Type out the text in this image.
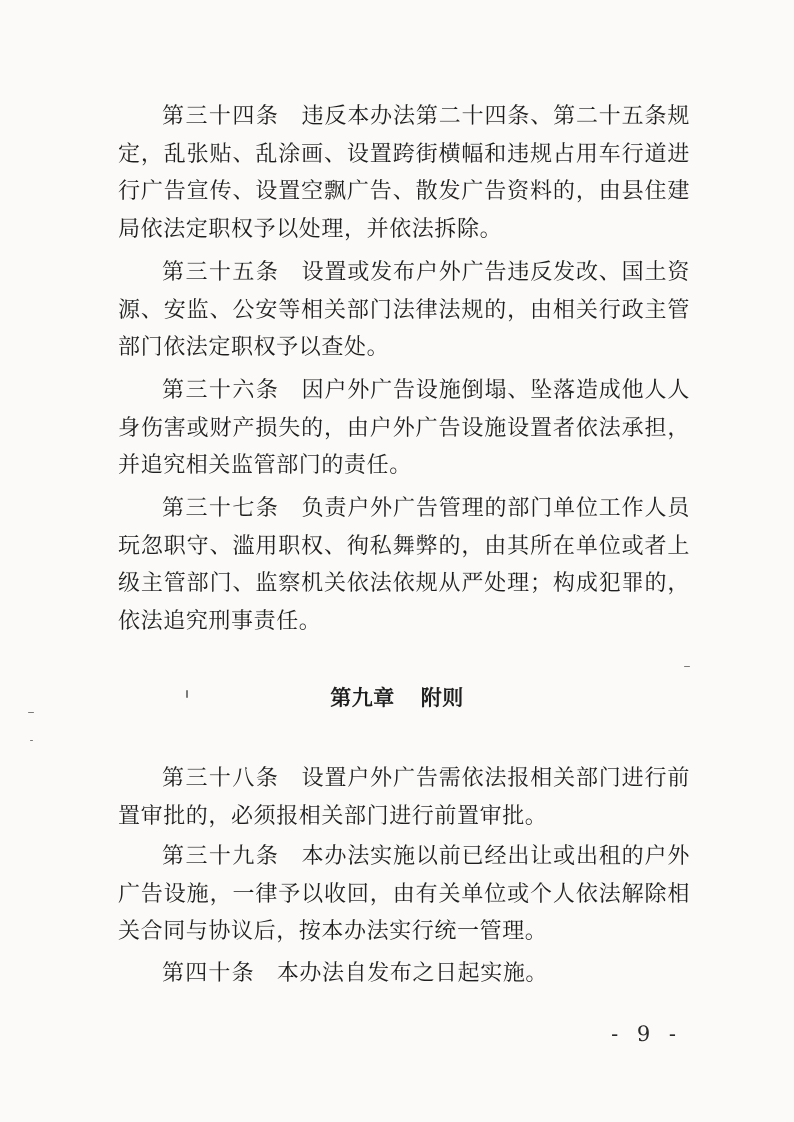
第三十四条 违反本办法第二十四条、第二十五条规定，乱张贴、乱涂画、设置跨街横幅和违规占用车行道进行广告宣传、设置空飘广告、散发广告资料的，由县住建局依法定职权予以处理，并依法拆除。

第三十五条 设置或发布户外广告违反发改、国土资源、安监、公安等相关部门法律法规的，由相关行政主管部门依法定职权予以查处。

第三十六条 因户外广告设施倒塌、坠落造成他人人身伤害或财产损失的，由户外广告设施设置者依法承担，并追究相关监管部门的责任。

第三十七条 负责户外广告管理的部门单位工作人员玩忽职守、滥用职权、徇私舞弊的，由其所在单位或者上级主管部门、监察机关依法依规从严处理；构成犯罪的，依法追究刑事责任。

第九章 附则

第三十八条 设置户外广告需依法报相关部门进行前置审批的，必须报相关部门进行前置审批。

第三十九条 本办法实施以前已经出让或出租的户外广告设施，一律予以收回，由有关单位或个人依法解除相关合同与协议后，按本办法实行统一管理。

第四十条 本办法自发布之日起实施。

- 9 -
